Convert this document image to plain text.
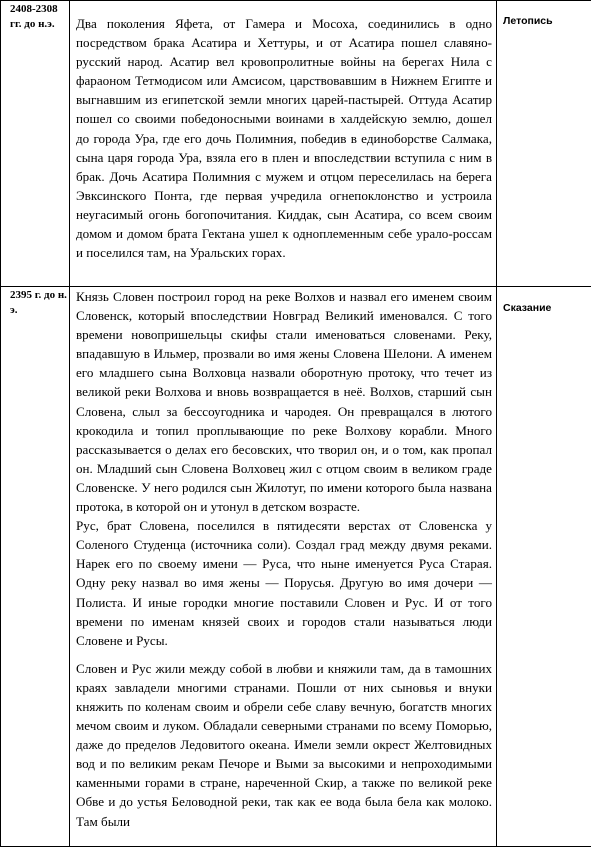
2408-2308 гг. до н.э.	Два поколения Яфета, от Гамера и Мосоха, соединились в одно посредством брака Асатира и Хеттуры, и от Асатира пошел славяно-русский народ. Асатир вел кровопролитные войны на берегах Нила с фараоном Тетмодисом или Амсисом, царствовавшим в Нижнем Египте и выгнавшим из египетской земли многих царей-пастырей. Оттуда Асатир пошел со своими победоносными воинами в халдейскую землю, дошел до города Ура, где его дочь Полимния, победив в единоборстве Салмака, сына царя города Ура, взяла его в плен и впоследствии вступила с ним в брак. Дочь Асатира Полимния с мужем и отцом переселилась на берега Эвксинского Понта, где первая учредила огнепоклонство и устроила неугасимый огонь богопочитания. Киддак, сын Асатира, со всем своим домом и домом брата Гектана ушел к одноплеменным себе урало-россам и поселился там, на Уральских горах.	Летопись

2395 г. до н. э.	Князь Словен построил город на реке Волхов и назвал его именем своим Словенск, который впоследствии Новград Великий именовался. С того времени новопришельцы скифы стали именоваться словенами. Реку, впадавшую в Ильмер, прозвали во имя жены Словена Шелони. А именем его младшего сына Волховца назвали оборотную протоку, что течет из великой реки Волхова и вновь возвращается в неё. Волхов, старший сын Словена, слыл за бессоугодника и чародея. Он превращался в лютого крокодила и топил проплывающие по реке Волхову корабли. Много рассказывается о делах его бесовских, что творил он, и о том, как пропал он. Младший сын Словена Волховец жил с отцом своим в великом граде Словенске. У него родился сын Жилотуг, по имени которого была названа протока, в которой он и утонул в детском возрасте.

Рус, брат Словена, поселился в пятидесяти верстах от Словенска у Соленого Студенца (источника соли). Создал град между двумя реками. Нарек его по своему имени — Руса, что ныне именуется Руса Старая. Одну реку назвал во имя жены — Порусья. Другую во имя дочери — Полиста. И иные городки многие поставили Словен и Рус. И от того времени по именам князей своих и городов стали называться люди Словене и Русы.

Словен и Рус жили между собой в любви и княжили там, да в тамошних краях завладели многими странами. Пошли от них сыновья и внуки княжить по коленам своим и обрели себе славу вечную, богатств многих мечом своим и луком. Обладали северными странами по всему Поморью, даже до пределов Ледовитого океана. Имели земли окрест Желтовидных вод и по великим рекам Печоре и Выми за высокими и непроходимыми каменными горами в стране, нареченной Скир, а также по великой реке Обве и до устья Беловодной реки, так как ее вода была бела как молоко. Там были	Сказание
